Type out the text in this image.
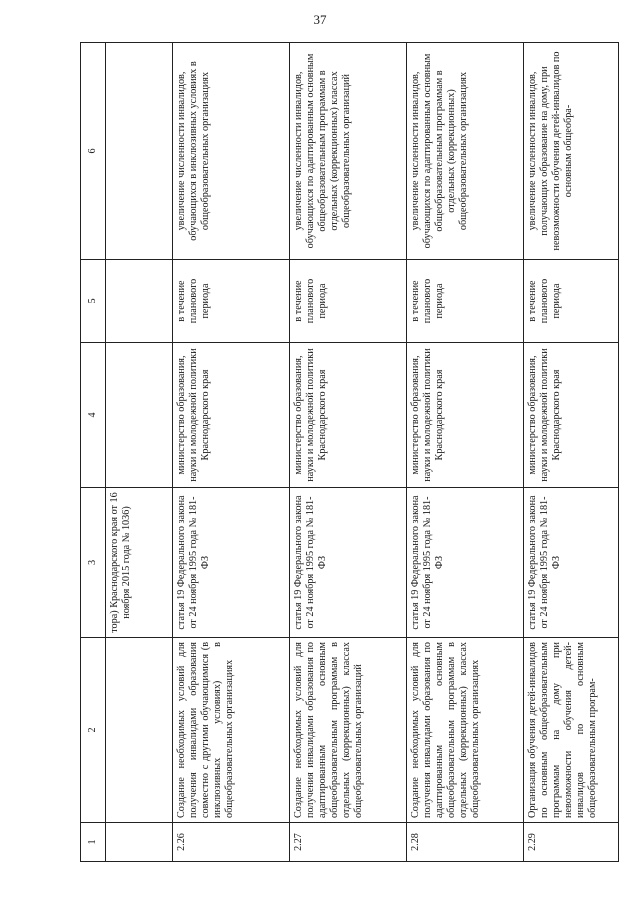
37
1	2	3	4	5	6
		тора) Краснодарского края от 16 ноября 2015 года № 1036)			
2.26	Создание необходимых условий для получения инвалидами образования совместно с другими обучающимися (в инклюзивных условиях) в общеобразовательных организациях	статья 19 Федерального закона от 24 ноября 1995 года № 181-ФЗ	министерство образования, науки и молодежной политики Краснодарского края	в течение планового периода	увеличение численности инвалидов, обучающихся в инклюзивных условиях в общеобразовательных организациях
2.27	Создание необходимых условий для получения инвалидами образования по адаптированным основным общеобразовательным программам в отдельных (коррекционных) классах общеобразовательных организаций	статья 19 Федерального закона от 24 ноября 1995 года № 181-ФЗ	министерство образования, науки и молодежной политики Краснодарского края	в течение планового периода	увеличение численности инвалидов, обучающихся по адаптированным основным общеобразовательным программам в отдельных (коррекционных) классах общеобразовательных организаций
2.28	Создание необходимых условий для получения инвалидами образования по адаптированным основным общеобразовательным программам в отдельных (коррекционных) классах общеобразовательных организациях	статья 19 Федерального закона от 24 ноября 1995 года № 181-ФЗ	министерство образования, науки и молодежной политики Краснодарского края	в течение планового периода	увеличение численности инвалидов, обучающихся по адаптированным основным общеобразовательным программам в отдельных (коррекционных) общеобразовательных организациях
2.29	Организация обучения детей-инвалидов по основным общеобразовательным программам на дому при невозможности обучения детей-инвалидов по основным общеобразовательным програм-	статья 19 Федерального закона от 24 ноября 1995 года № 181-ФЗ	министерство образования, науки и молодежной политики Краснодарского края	в течение планового периода	увеличение численности инвалидов, получающих образование на дому, при невозможности обучения детей-инвалидов по основным общеобра-
